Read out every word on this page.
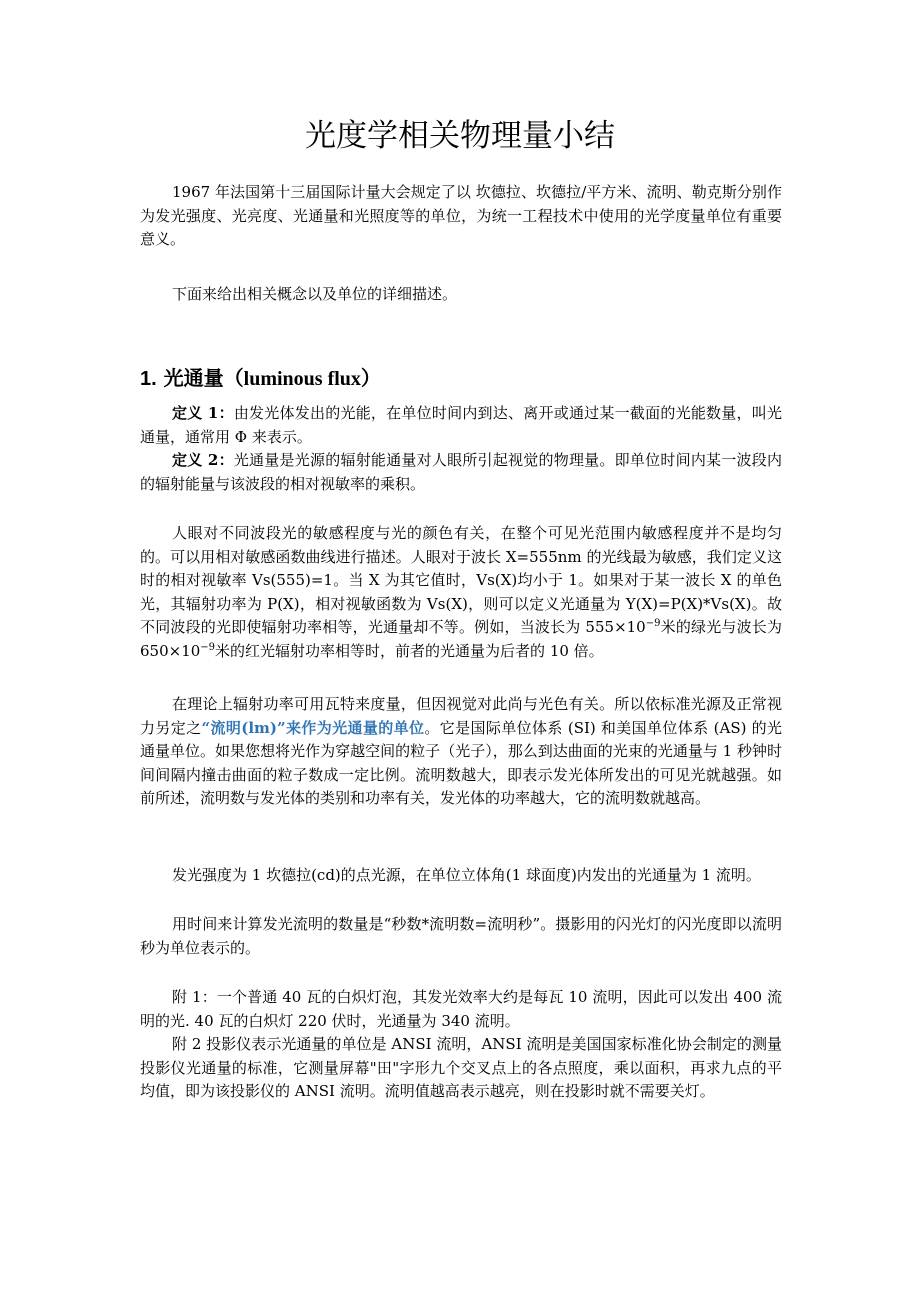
光度学相关物理量小结

1967 年法国第十三届国际计量大会规定了以 坎德拉、坎德拉/平方米、流明、勒克斯分别作为发光强度、光亮度、光通量和光照度等的单位，为统一工程技术中使用的光学度量单位有重要意义。

下面来给出相关概念以及单位的详细描述。

1. 光通量（luminous flux）

定义 1：由发光体发出的光能，在单位时间内到达、离开或通过某一截面的光能数量，叫光通量，通常用 Φ 来表示。

定义 2：光通量是光源的辐射能通量对人眼所引起视觉的物理量。即单位时间内某一波段内的辐射能量与该波段的相对视敏率的乘积。

人眼对不同波段光的敏感程度与光的颜色有关，在整个可见光范围内敏感程度并不是均匀的。可以用相对敏感函数曲线进行描述。人眼对于波长 X=555nm 的光线最为敏感，我们定义这时的相对视敏率 Vs(555)=1。当 X 为其它值时，Vs(X)均小于 1。如果对于某一波长 X 的单色光，其辐射功率为 P(X)，相对视敏函数为 Vs(X)，则可以定义光通量为 Y(X)=P(X)*Vs(X)。故不同波段的光即使辐射功率相等，光通量却不等。例如，当波长为 $555\times 10^{-9}$米的绿光与波长为 $650\times 10^{-9}$米的红光辐射功率相等时，前者的光通量为后者的 10 倍。

在理论上辐射功率可用瓦特来度量，但因视觉对此尚与光色有关。所以依标准光源及正常视力另定之“流明(lm)”来作为光通量的单位。它是国际单位体系 (SI) 和美国单位体系 (AS) 的光通量单位。如果您想将光作为穿越空间的粒子（光子），那么到达曲面的光束的光通量与 1 秒钟时间间隔内撞击曲面的粒子数成一定比例。流明数越大，即表示发光体所发出的可见光就越强。如前所述，流明数与发光体的类别和功率有关，发光体的功率越大，它的流明数就越高。

发光强度为 1 坎德拉(cd)的点光源，在单位立体角(1 球面度)内发出的光通量为 1 流明。

用时间来计算发光流明的数量是“秒数*流明数=流明秒”。摄影用的闪光灯的闪光度即以流明秒为单位表示的。

附 1：一个普通 40 瓦的白炽灯泡，其发光效率大约是每瓦 10 流明，因此可以发出 400 流明的光. 40 瓦的白炽灯 220 伏时，光通量为 340 流明。

附 2 投影仪表示光通量的单位是 ANSI 流明，ANSI 流明是美国国家标准化协会制定的测量投影仪光通量的标准，它测量屏幕"田"字形九个交叉点上的各点照度，乘以面积，再求九点的平均值，即为该投影仪的 ANSI 流明。流明值越高表示越亮，则在投影时就不需要关灯。
